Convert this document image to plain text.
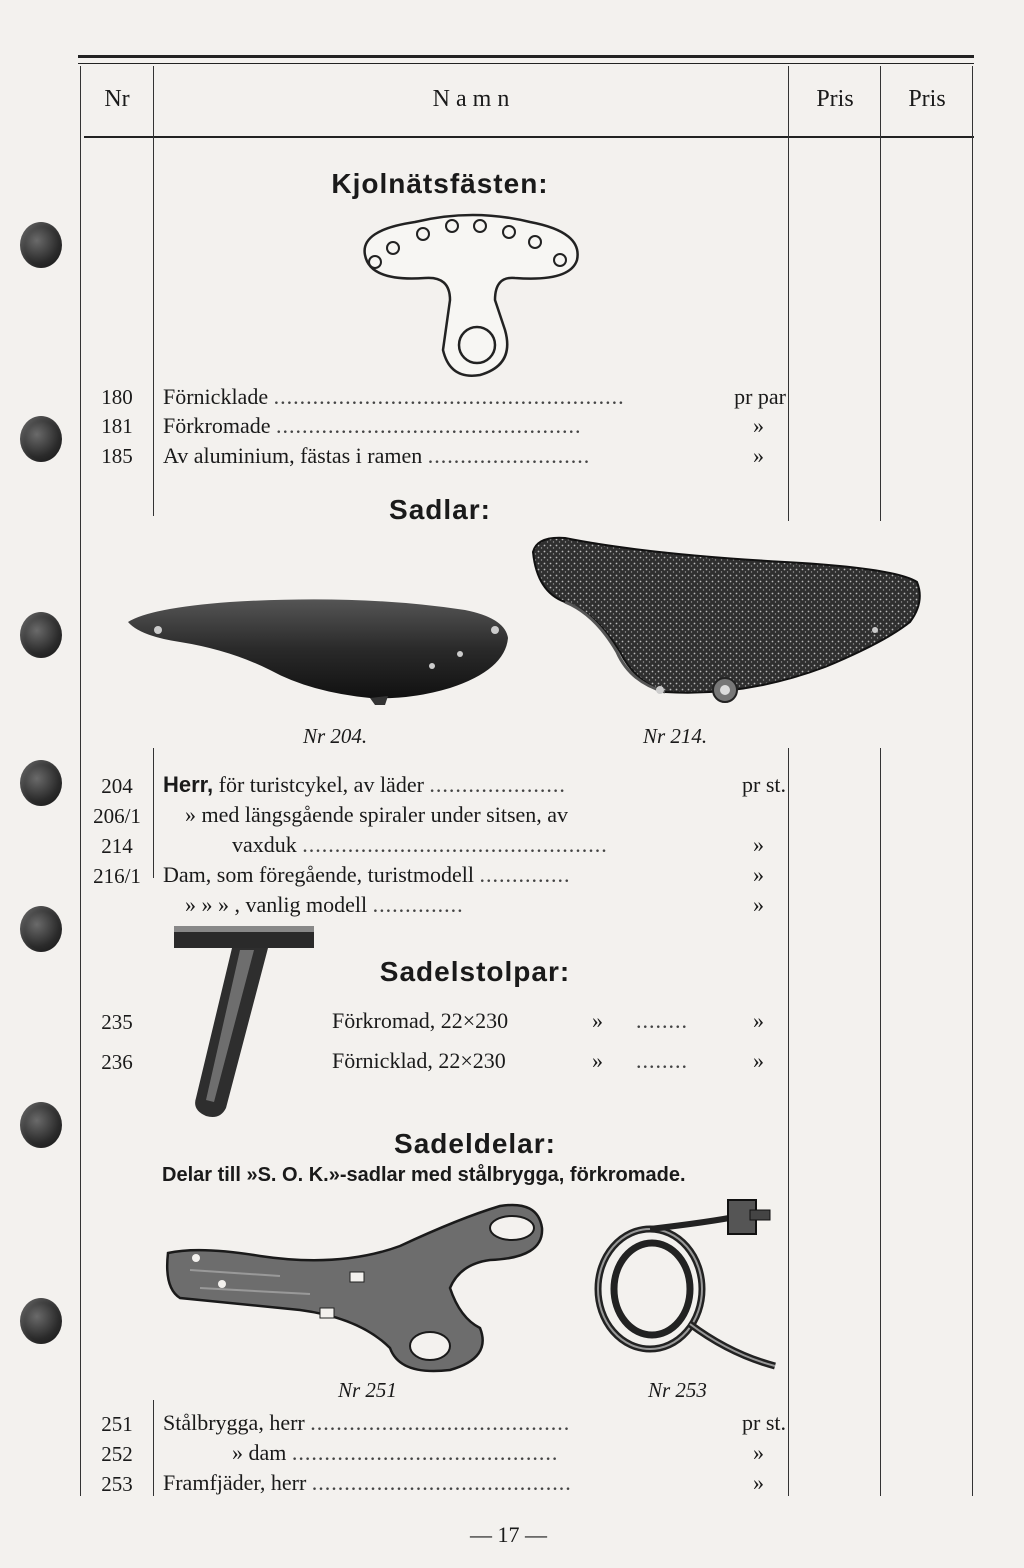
Nr	N a m n	Pris	Pris
Kjolnätsfästen:
180	Förnicklade ......................................................	pr par
181	Förkromade ...............................................	»
185	Av aluminium, fästas i ramen .........................	»
Sadlar:
Nr 204.	Nr 214.
204	Herr, för turistcykel, av läder .....................	pr st.
206/1	» med längsgående spiraler under sitsen, av
214	vaxduk ...............................................	»
216/1	Dam, som föregående, turistmodell ..............	»
» » » , vanlig modell ..............	»
Sadelstolpar:
235	Förkromad, 22×230	» ........	»
236	Förnicklad, 22×230	» ........	»
Sadeldelar:
Delar till »S. O. K.»-sadlar med stålbrygga, förkromade.
Nr 251	Nr 253
251	Stålbrygga, herr ........................................	pr st.
252	» dam .........................................	»
253	Framfjäder, herr ........................................	»
— 17 —
